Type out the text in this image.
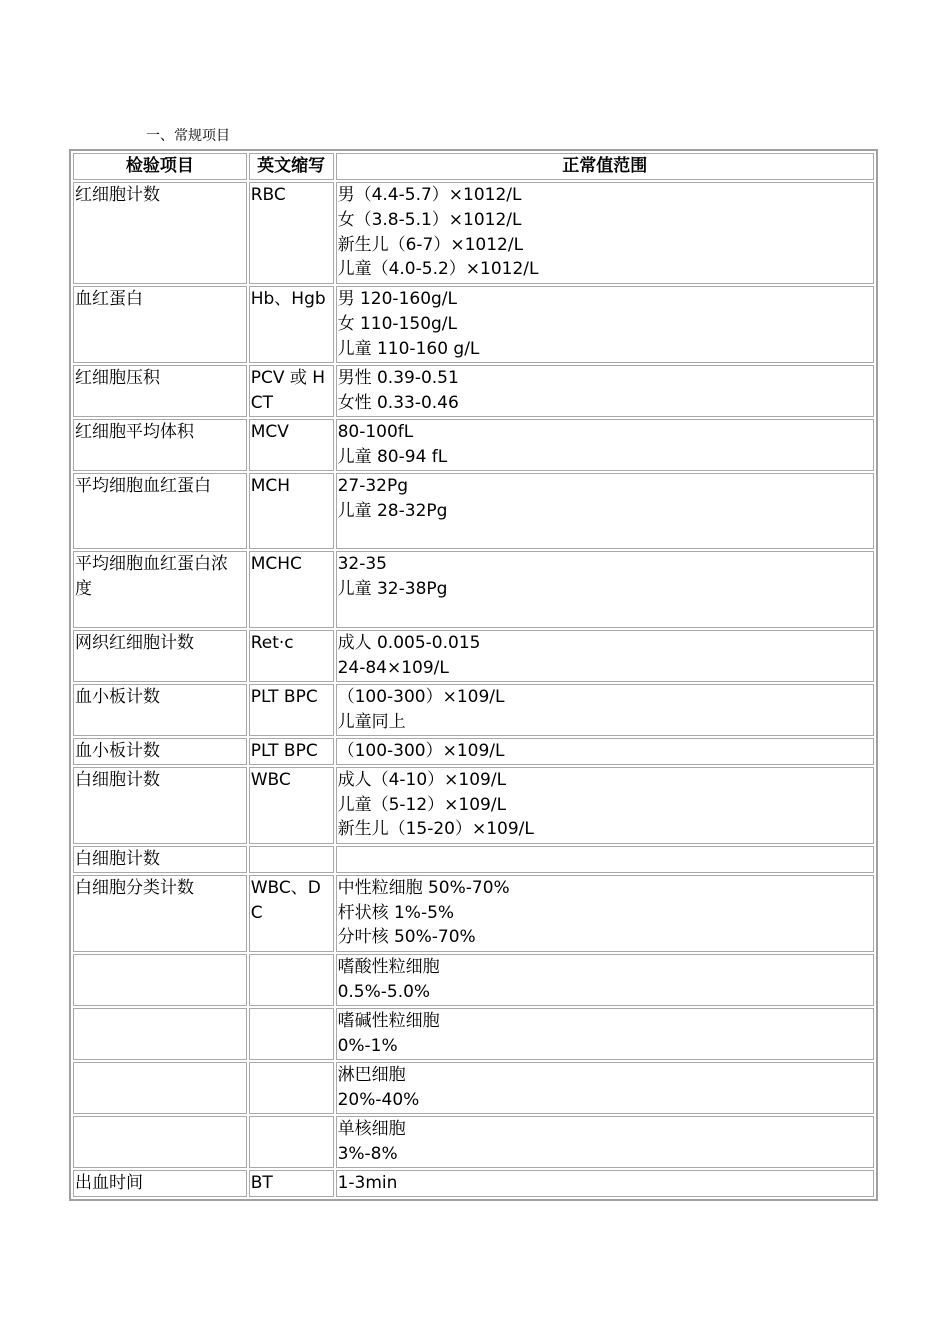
一、常规项目
检验项目	英文缩写	正常值范围
红细胞计数	RBC	男（4.4-5.7）×1012/L
女（3.8-5.1）×1012/L
新生儿（6-7）×1012/L
儿童（4.0-5.2）×1012/L

血红蛋白	Hb、Hgb	男 120-160g/L
女 110-150g/L
儿童 110-160 g/L

红细胞压积	PCV 或 HCT	男性 0.39-0.51
女性 0.33-0.46

红细胞平均体积	MCV	80-100fL
儿童 80-94 fL

平均细胞血红蛋白	MCH	27-32Pg
儿童 28-32Pg

平均细胞血红蛋白浓度	MCHC	32-35
儿童 32-38Pg

网织红细胞计数	Ret·c	成人 0.005-0.015
24-84×109/L

血小板计数	PLT BPC	（100-300）×109/L
儿童同上

血小板计数	PLT BPC	（100-300）×109/L

白细胞计数	WBC	成人（4-10）×109/L
儿童（5-12）×109/L
新生儿（15-20）×109/L

白细胞计数		

白细胞分类计数	WBC、DC	中性粒细胞 50%-70%
杆状核 1%-5%
分叶核 50%-70%

		嗜酸性粒细胞
0.5%-5.0%

		嗜碱性粒细胞
0%-1%

		淋巴细胞
20%-40%

		单核细胞
3%-8%

出血时间	BT	1-3min
